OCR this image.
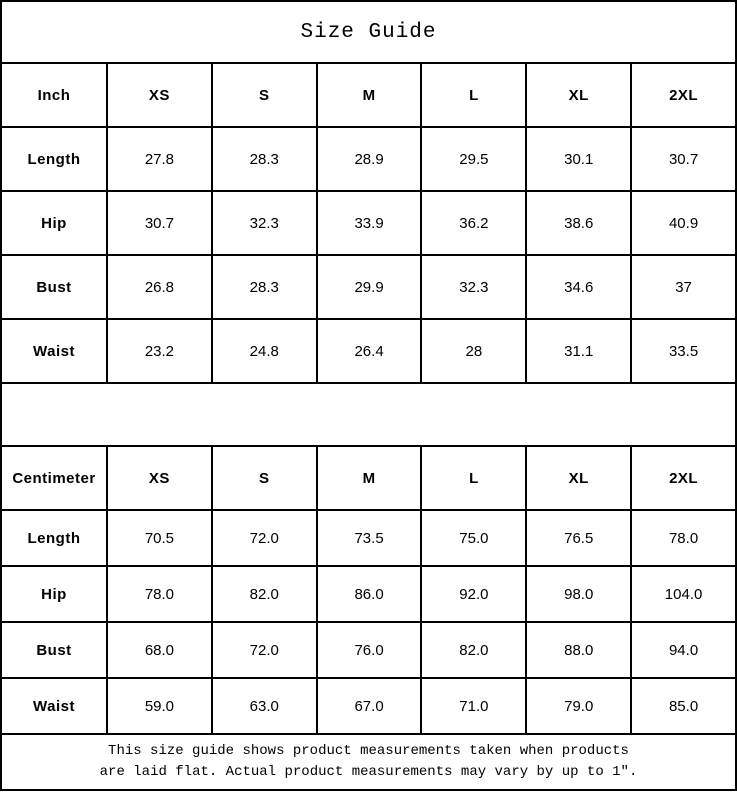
Size Guide						
Inch	XS	S	M	L	XL	2XL
Length	27.8	28.3	28.9	29.5	30.1	30.7
Hip	30.7	32.3	33.9	36.2	38.6	40.9
Bust	26.8	28.3	29.9	32.3	34.6	37
Waist	23.2	24.8	26.4	28	31.1	33.5

Centimeter	XS	S	M	L	XL	2XL
Length	70.5	72.0	73.5	75.0	76.5	78.0
Hip	78.0	82.0	86.0	92.0	98.0	104.0
Bust	68.0	72.0	76.0	82.0	88.0	94.0
Waist	59.0	63.0	67.0	71.0	79.0	85.0

This size guide shows product measurements taken when products
are laid flat. Actual product measurements may vary by up to 1″.						
